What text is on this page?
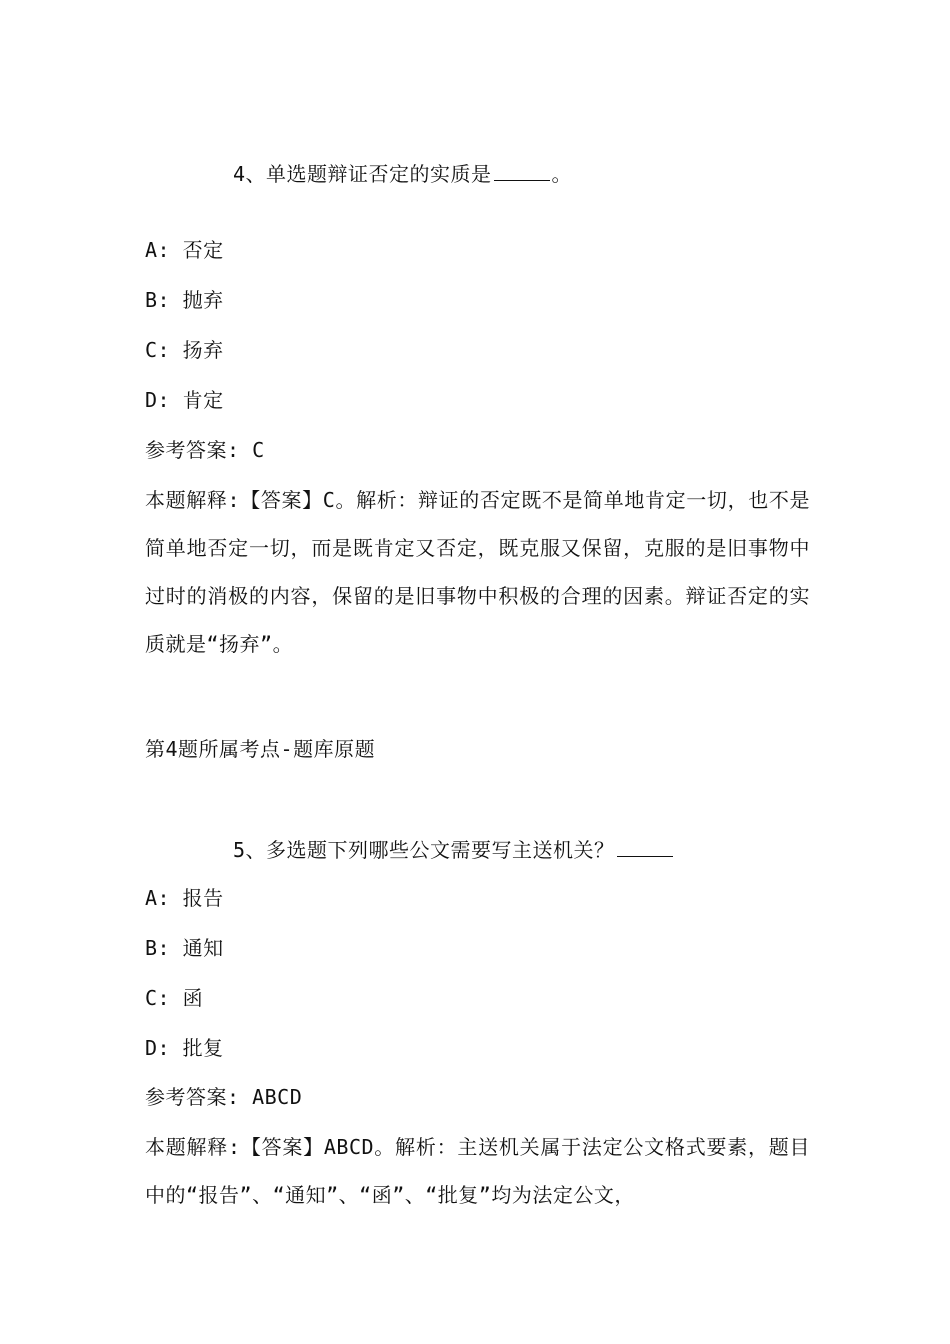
4、单选题辩证否定的实质是	。
A: 否定
B: 抛弃
C: 扬弃
D: 肯定
参考答案: C
本题解释:【答案】C。解析：辩证的否定既不是简单地肯定一切，也不是简单地否定一切，而是既肯定又否定，既克服又保留，克服的是旧事物中过时的消极的内容，保留的是旧事物中积极的合理的因素。辩证否定的实质就是“扬弃”。
第4题所属考点-题库原题
5、多选题下列哪些公文需要写主送机关？
A: 报告
B: 通知
C: 函
D: 批复
参考答案: ABCD
本题解释:【答案】ABCD。解析：主送机关属于法定公文格式要素，题目中的“报告”、“通知”、“函”、“批复”均为法定公文，
